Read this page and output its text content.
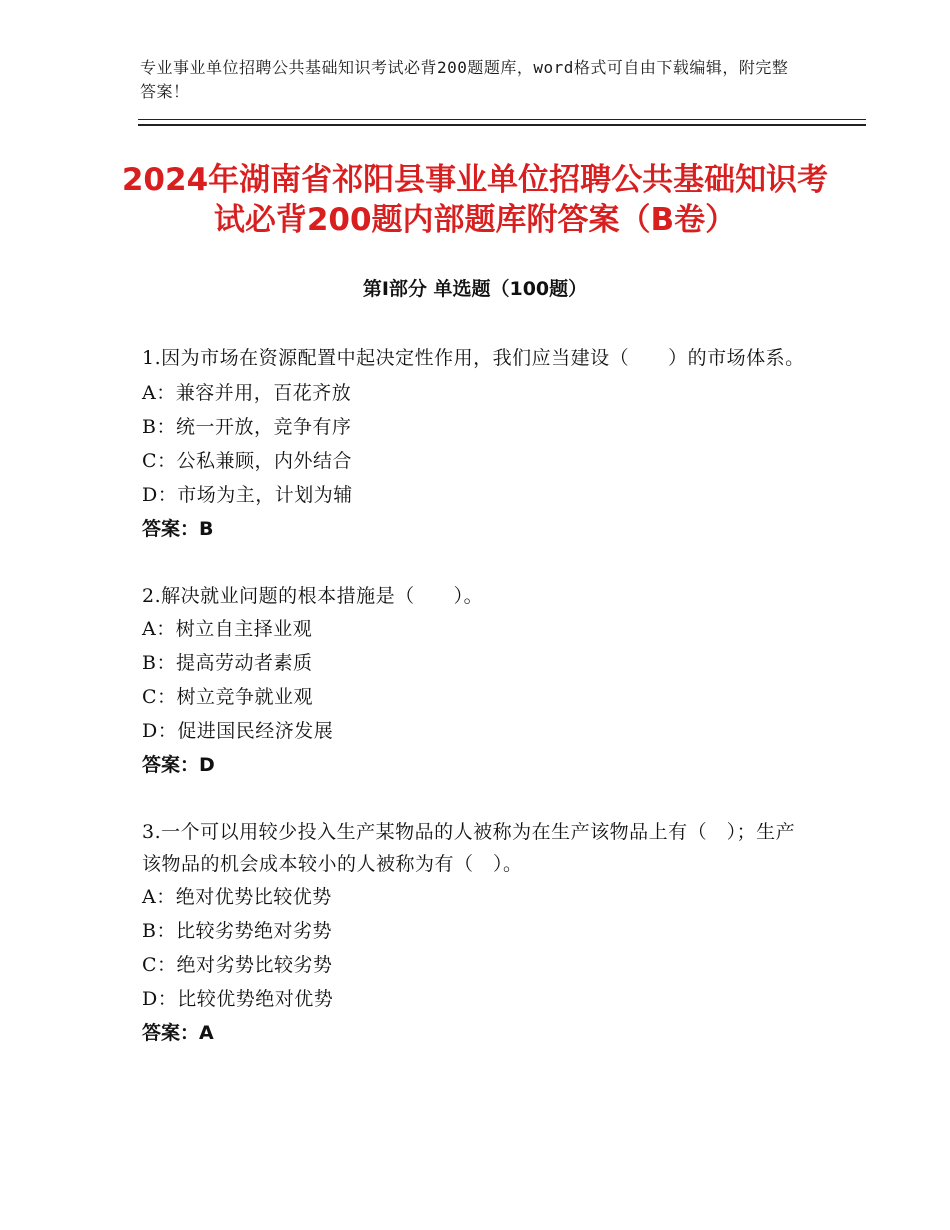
专业事业单位招聘公共基础知识考试必背200题题库，word格式可自由下载编辑，附完整答案！
2024年湖南省祁阳县事业单位招聘公共基础知识考试必背200题内部题库附答案（B卷）
第Ⅰ部分 单选题（100题）
1.因为市场在资源配置中起决定性作用，我们应当建设（　　）的市场体系。
A：兼容并用，百花齐放
B：统一开放，竞争有序
C：公私兼顾，内外结合
D：市场为主，计划为辅
答案：B
2.解决就业问题的根本措施是（　　）。
A：树立自主择业观
B：提高劳动者素质
C：树立竞争就业观
D：促进国民经济发展
答案：D
3.一个可以用较少投入生产某物品的人被称为在生产该物品上有（　）；生产该物品的机会成本较小的人被称为有（　）。
A：绝对优势比较优势
B：比较劣势绝对劣势
C：绝对劣势比较劣势
D：比较优势绝对优势
答案：A
